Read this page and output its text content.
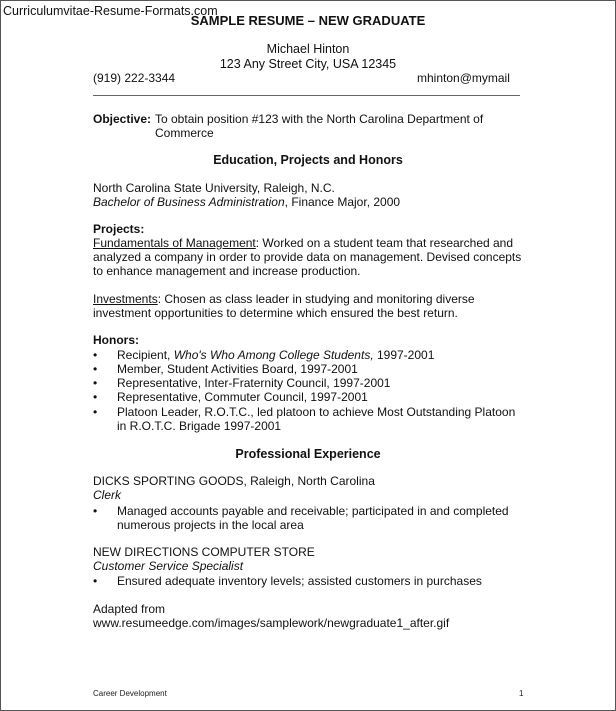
Curriculumvitae-Resume-Formats.com
SAMPLE RESUME – NEW GRADUATE
Michael Hinton
123 Any Street City, USA 12345
(919) 222-3344	mhinton@mymail
Objective: To obtain position #123 with the North Carolina Department of
Commerce
Education, Projects and Honors
North Carolina State University, Raleigh, N.C.
Bachelor of Business Administration, Finance Major, 2000
Projects:
Fundamentals of Management: Worked on a student team that researched and
analyzed a company in order to provide data on management. Devised concepts
to enhance management and increase production.
Investments: Chosen as class leader in studying and monitoring diverse
investment opportunities to determine which ensured the best return.
Honors:
• Recipient, Who's Who Among College Students, 1997-2001
• Member, Student Activities Board, 1997-2001
• Representative, Inter-Fraternity Council, 1997-2001
• Representative, Commuter Council, 1997-2001
• Platoon Leader, R.O.T.C., led platoon to achieve Most Outstanding Platoon
in R.O.T.C. Brigade 1997-2001
Professional Experience
DICKS SPORTING GOODS, Raleigh, North Carolina
Clerk
• Managed accounts payable and receivable; participated in and completed
numerous projects in the local area
NEW DIRECTIONS COMPUTER STORE
Customer Service Specialist
• Ensured adequate inventory levels; assisted customers in purchases
Adapted from
www.resumeedge.com/images/samplework/newgraduate1_after.gif
Career Development	1
